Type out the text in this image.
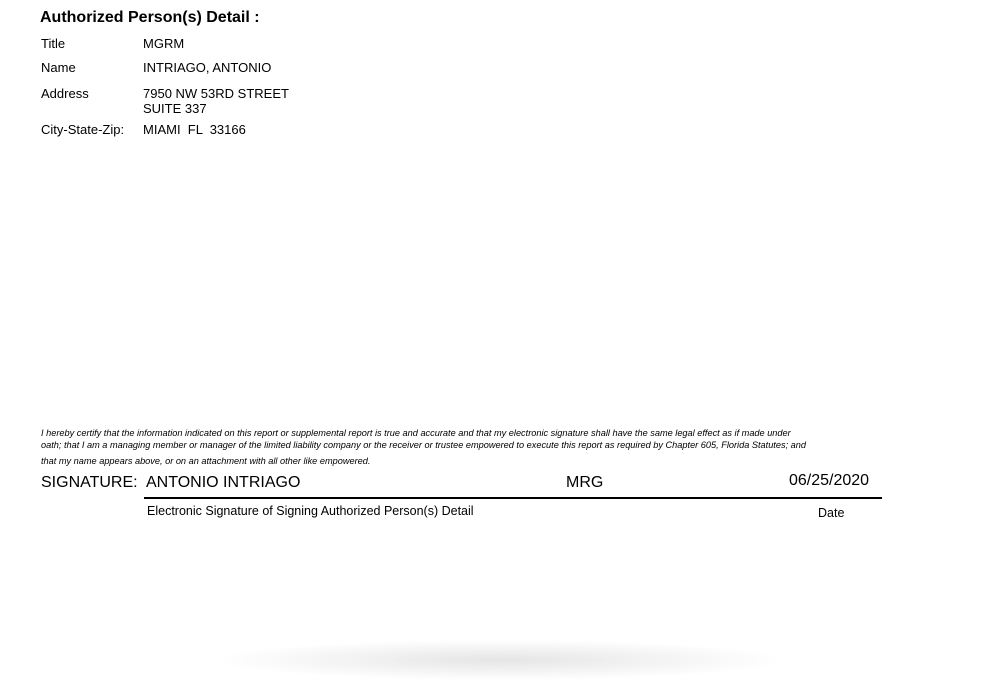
Authorized Person(s) Detail :
Title	MGRM
Name	INTRIAGO, ANTONIO
Address	7950 NW 53RD STREET
SUITE 337
City-State-Zip: MIAMI  FL  33166
I hereby certify that the information indicated on this report or supplemental report is true and accurate and that my electronic signature shall have the same legal effect as if made under
oath; that I am a managing member or manager of the limited liability company or the receiver or trustee empowered to execute this report as required by Chapter 605, Florida Statutes; and
that my name appears above, or on an attachment with all other like empowered.
SIGNATURE: ANTONIO INTRIAGO	MRG	06/25/2020
Electronic Signature of Signing Authorized Person(s) Detail	Date
